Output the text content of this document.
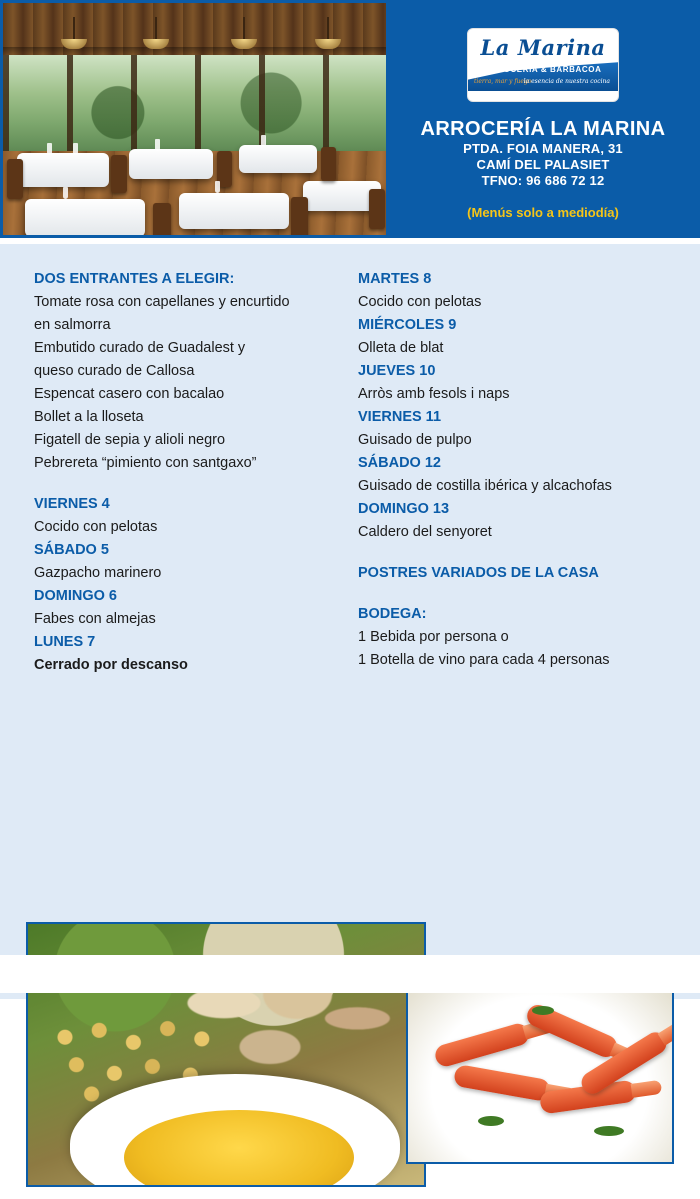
La Marina
ARROCERIA & BARBACOA
tierra, mar y fuego
la esencia de nuestra cocina
ARROCERÍA LA MARINA
PTDA. FOIA MANERA, 31
CAMÍ DEL PALASIET
TFNO: 96 686 72 12
(Menús solo a mediodía)
DOS ENTRANTES A ELEGIR:
Tomate rosa con capellanes y encurtido
en salmorra
Embutido curado de Guadalest y
queso curado de Callosa
Espencat casero con bacalao
Bollet a la lloseta
Figatell de sepia y alioli negro
Pebrereta “pimiento con santgaxo”
VIERNES 4
Cocido con pelotas
SÁBADO 5
Gazpacho marinero
DOMINGO 6
Fabes con almejas
LUNES 7
Cerrado por descanso
MARTES 8
Cocido con pelotas
MIÉRCOLES 9
Olleta de blat
JUEVES 10
Arròs amb fesols i naps
VIERNES 11
Guisado de pulpo
SÁBADO 12
Guisado de costilla ibérica y alcachofas
DOMINGO 13
Caldero del senyoret
POSTRES VARIADOS DE LA CASA
BODEGA:
1 Bebida por persona o
1 Botella de vino para cada 4 personas
